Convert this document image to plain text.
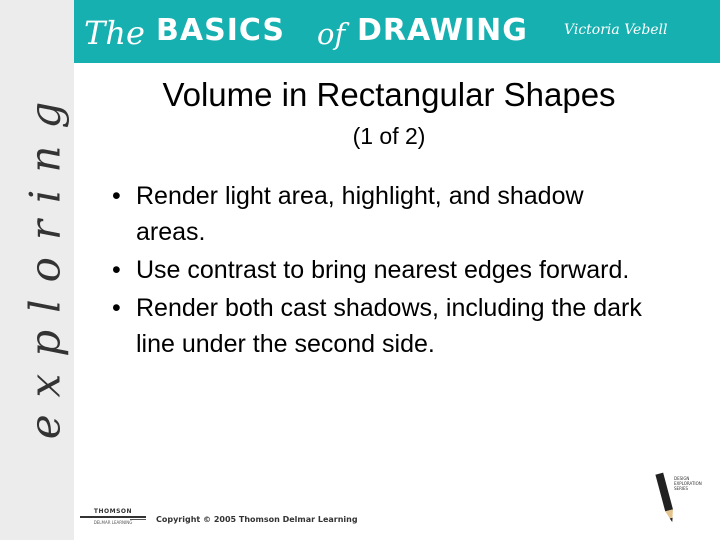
exploring
The BASICS of DRAWING	Victoria Vebell
Volume in Rectangular Shapes
(1 of 2)
• Render light area, highlight, and shadow areas.
• Use contrast to bring nearest edges forward.
• Render both cast shadows, including the dark line under the second side.
THOMSON
DELMAR LEARNING	Copyright © 2005 Thomson Delmar Learning
DESIGN
EXPLORATION
SERIES
